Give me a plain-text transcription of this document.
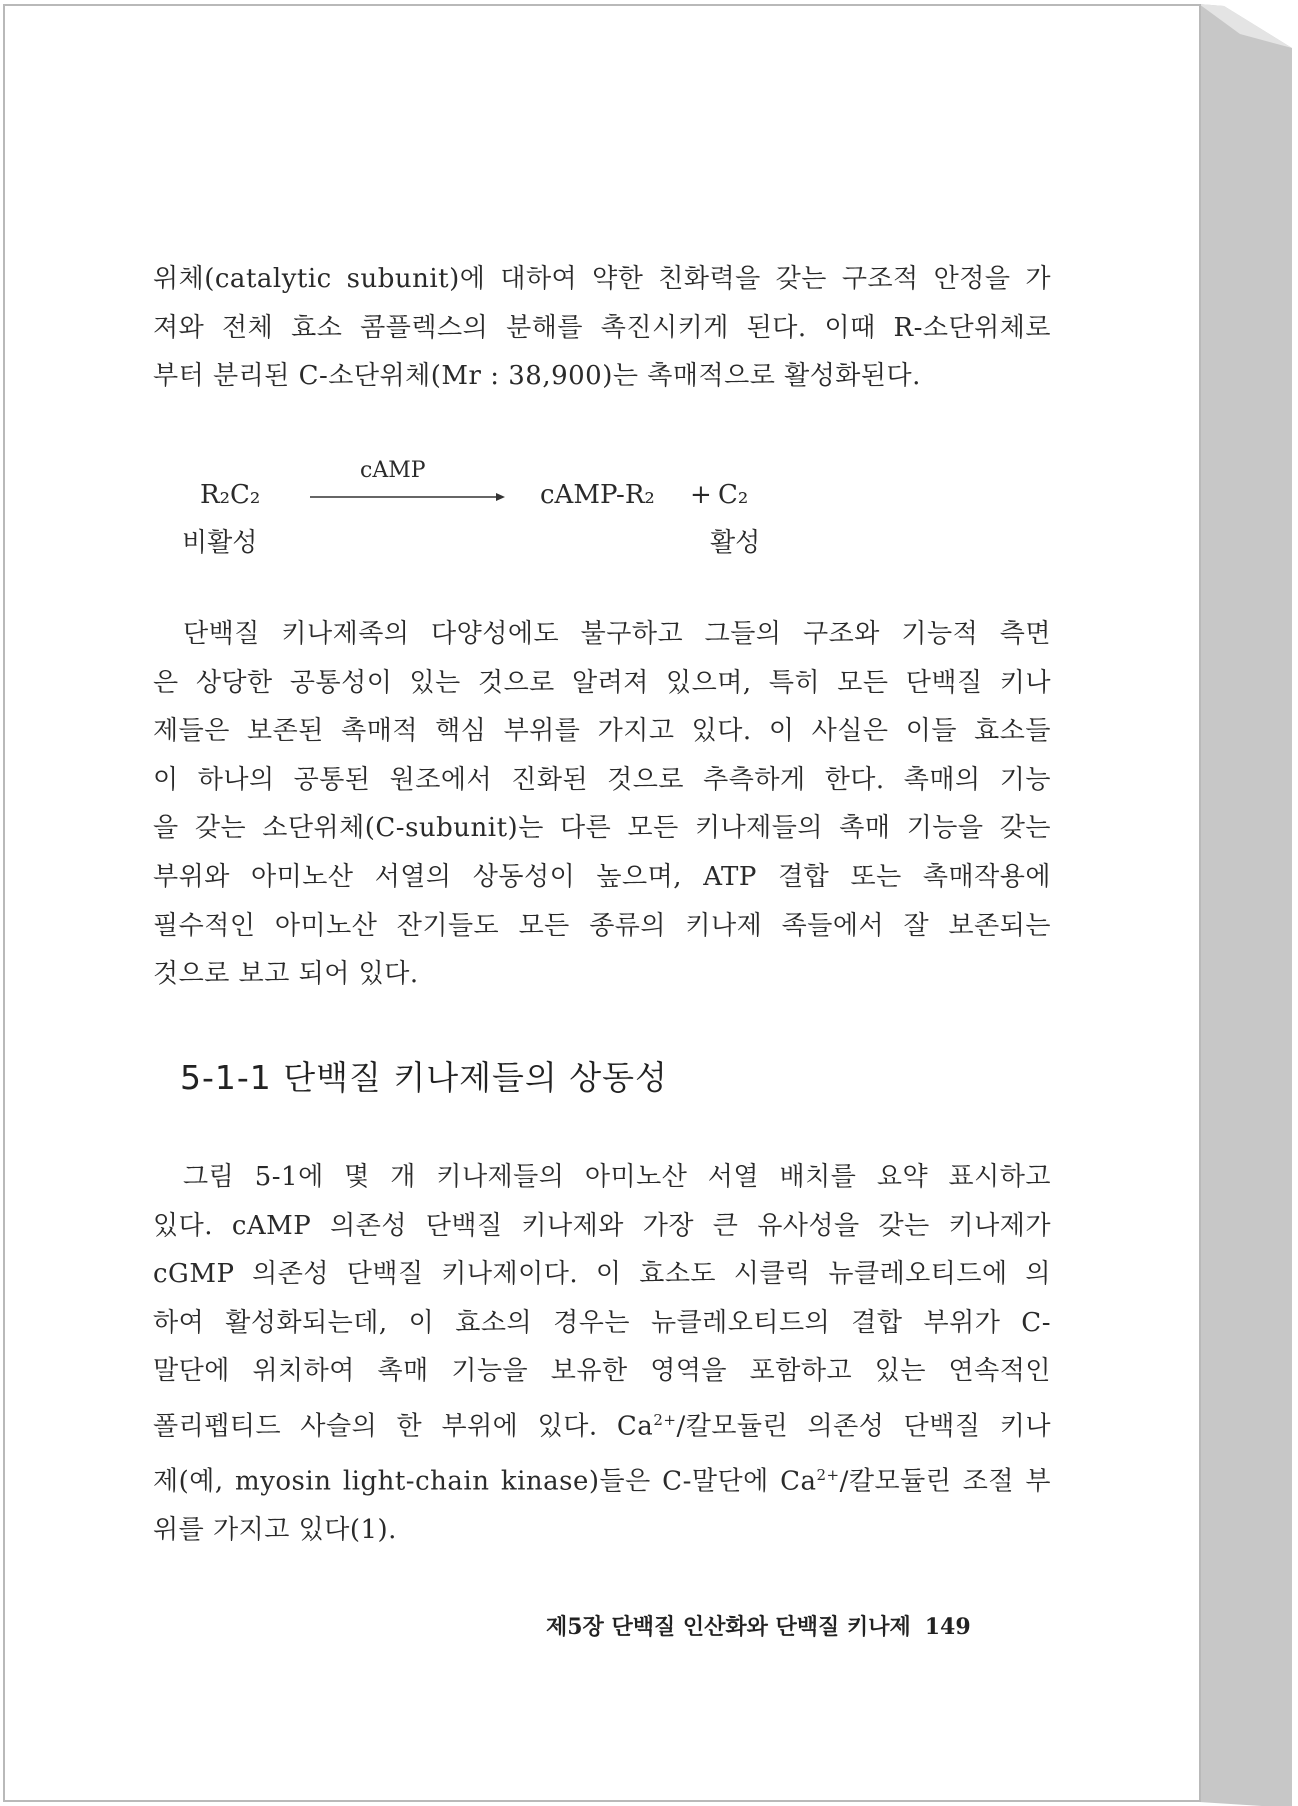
위체(catalytic subunit)에 대하여 약한 친화력을 갖는 구조적 안정을 가

져와 전체 효소 콤플렉스의 분해를 촉진시키게 된다. 이때 R-소단위체로

부터 분리된 C-소단위체(Mr : 38,900)는 촉매적으로 활성화된다.

R₂C₂
cAMP
cAMP-R₂ + C₂
비활성	활성

단백질 키나제족의 다양성에도 불구하고 그들의 구조와 기능적 측면

은 상당한 공통성이 있는 것으로 알려져 있으며, 특히 모든 단백질 키나

제들은 보존된 촉매적 핵심 부위를 가지고 있다. 이 사실은 이들 효소들

이 하나의 공통된 원조에서 진화된 것으로 추측하게 한다. 촉매의 기능

을 갖는 소단위체(C-subunit)는 다른 모든 키나제들의 촉매 기능을 갖는

부위와 아미노산 서열의 상동성이 높으며, ATP 결합 또는 촉매작용에

필수적인 아미노산 잔기들도 모든 종류의 키나제 족들에서 잘 보존되는

것으로 보고 되어 있다.

5-1-1 단백질 키나제들의 상동성

그림 5-1에 몇 개 키나제들의 아미노산 서열 배치를 요약 표시하고

있다. cAMP 의존성 단백질 키나제와 가장 큰 유사성을 갖는 키나제가

cGMP 의존성 단백질 키나제이다. 이 효소도 시클릭 뉴클레오티드에 의

하여 활성화되는데, 이 효소의 경우는 뉴클레오티드의 결합 부위가 C-

말단에 위치하여 촉매 기능을 보유한 영역을 포함하고 있는 연속적인

폴리펩티드 사슬의 한 부위에 있다. $Ca^{2+}/$칼모듈린 의존성 단백질 키나

제(예, myosin light-chain kinase)들은 C-말단에 $Ca^{2+}/$칼모듈린 조절 부

위를 가지고 있다(1).

제5장 단백질 인산화와 단백질 키나제 149
